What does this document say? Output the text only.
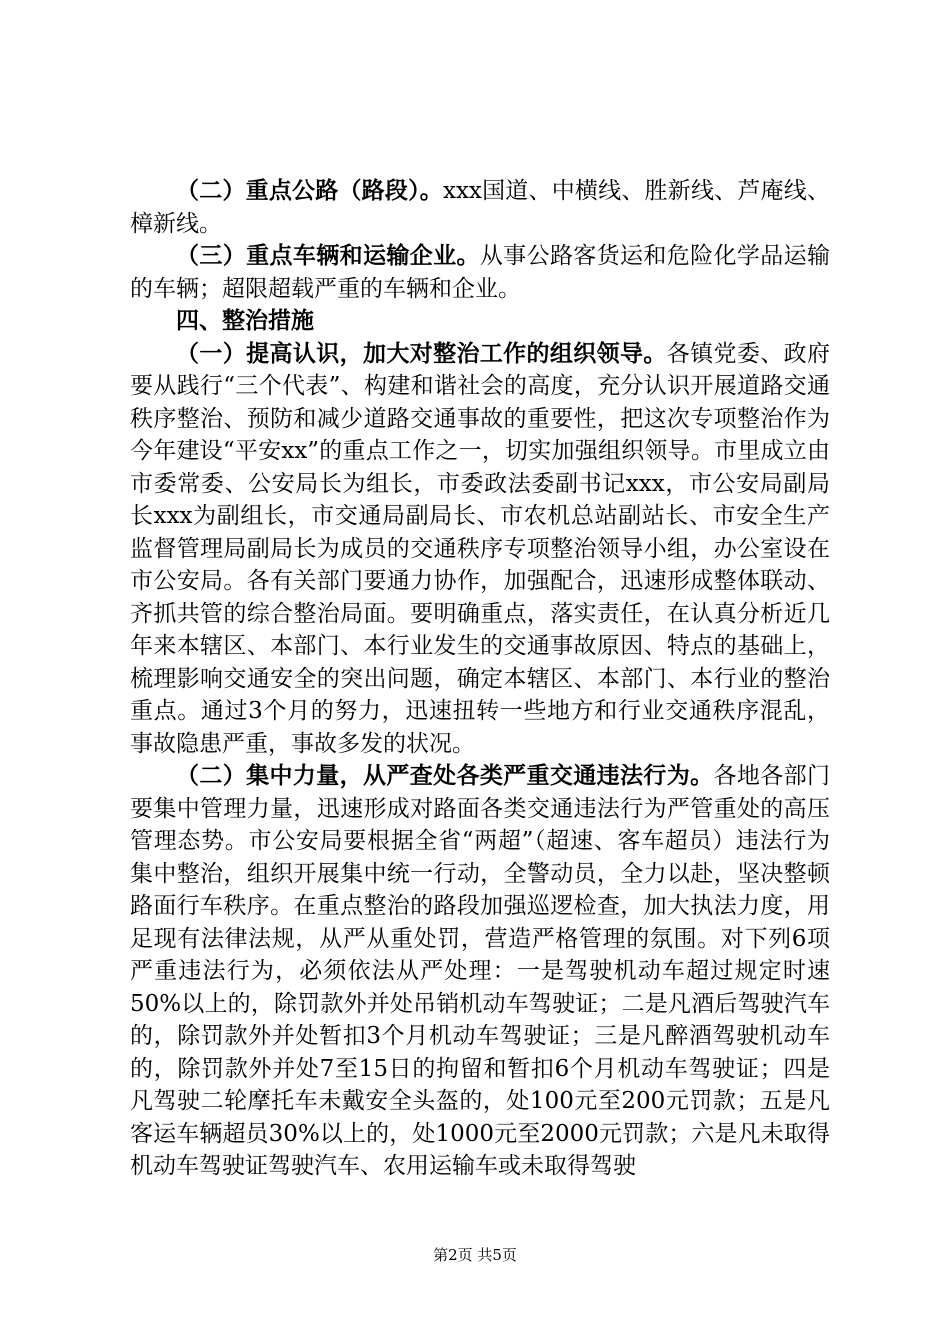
（二）重点公路（路段）。xxx国道、中横线、胜新线、芦庵线、樟新线。

（三）重点车辆和运输企业。从事公路客货运和危险化学品运输的车辆；超限超载严重的车辆和企业。

四、整治措施

（一）提高认识，加大对整治工作的组织领导。各镇党委、政府要从践行“三个代表”、构建和谐社会的高度，充分认识开展道路交通秩序整治、预防和减少道路交通事故的重要性，把这次专项整治作为今年建设“平安xx”的重点工作之一，切实加强组织领导。市里成立由市委常委、公安局长为组长，市委政法委副书记xxx，市公安局副局长xxx为副组长，市交通局副局长、市农机总站副站长、市安全生产监督管理局副局长为成员的交通秩序专项整治领导小组，办公室设在市公安局。各有关部门要通力协作，加强配合，迅速形成整体联动、齐抓共管的综合整治局面。要明确重点，落实责任，在认真分析近几年来本辖区、本部门、本行业发生的交通事故原因、特点的基础上，梳理影响交通安全的突出问题，确定本辖区、本部门、本行业的整治重点。通过3个月的努力，迅速扭转一些地方和行业交通秩序混乱，事故隐患严重，事故多发的状况。

（二）集中力量，从严查处各类严重交通违法行为。各地各部门要集中管理力量，迅速形成对路面各类交通违法行为严管重处的高压管理态势。市公安局要根据全省“两超”（超速、客车超员）违法行为集中整治，组织开展集中统一行动，全警动员，全力以赴，坚决整顿路面行车秩序。在重点整治的路段加强巡逻检查，加大执法力度，用足现有法律法规，从严从重处罚，营造严格管理的氛围。对下列6项严重违法行为，必须依法从严处理：一是驾驶机动车超过规定时速50%以上的，除罚款外并处吊销机动车驾驶证；二是凡酒后驾驶汽车的，除罚款外并处暂扣3个月机动车驾驶证；三是凡醉酒驾驶机动车的，除罚款外并处7至15日的拘留和暂扣6个月机动车驾驶证；四是凡驾驶二轮摩托车未戴安全头盔的，处100元至200元罚款；五是凡客运车辆超员30%以上的，处1000元至2000元罚款；六是凡未取得机动车驾驶证驾驶汽车、农用运输车或未取得驾驶

第2页 共5页
